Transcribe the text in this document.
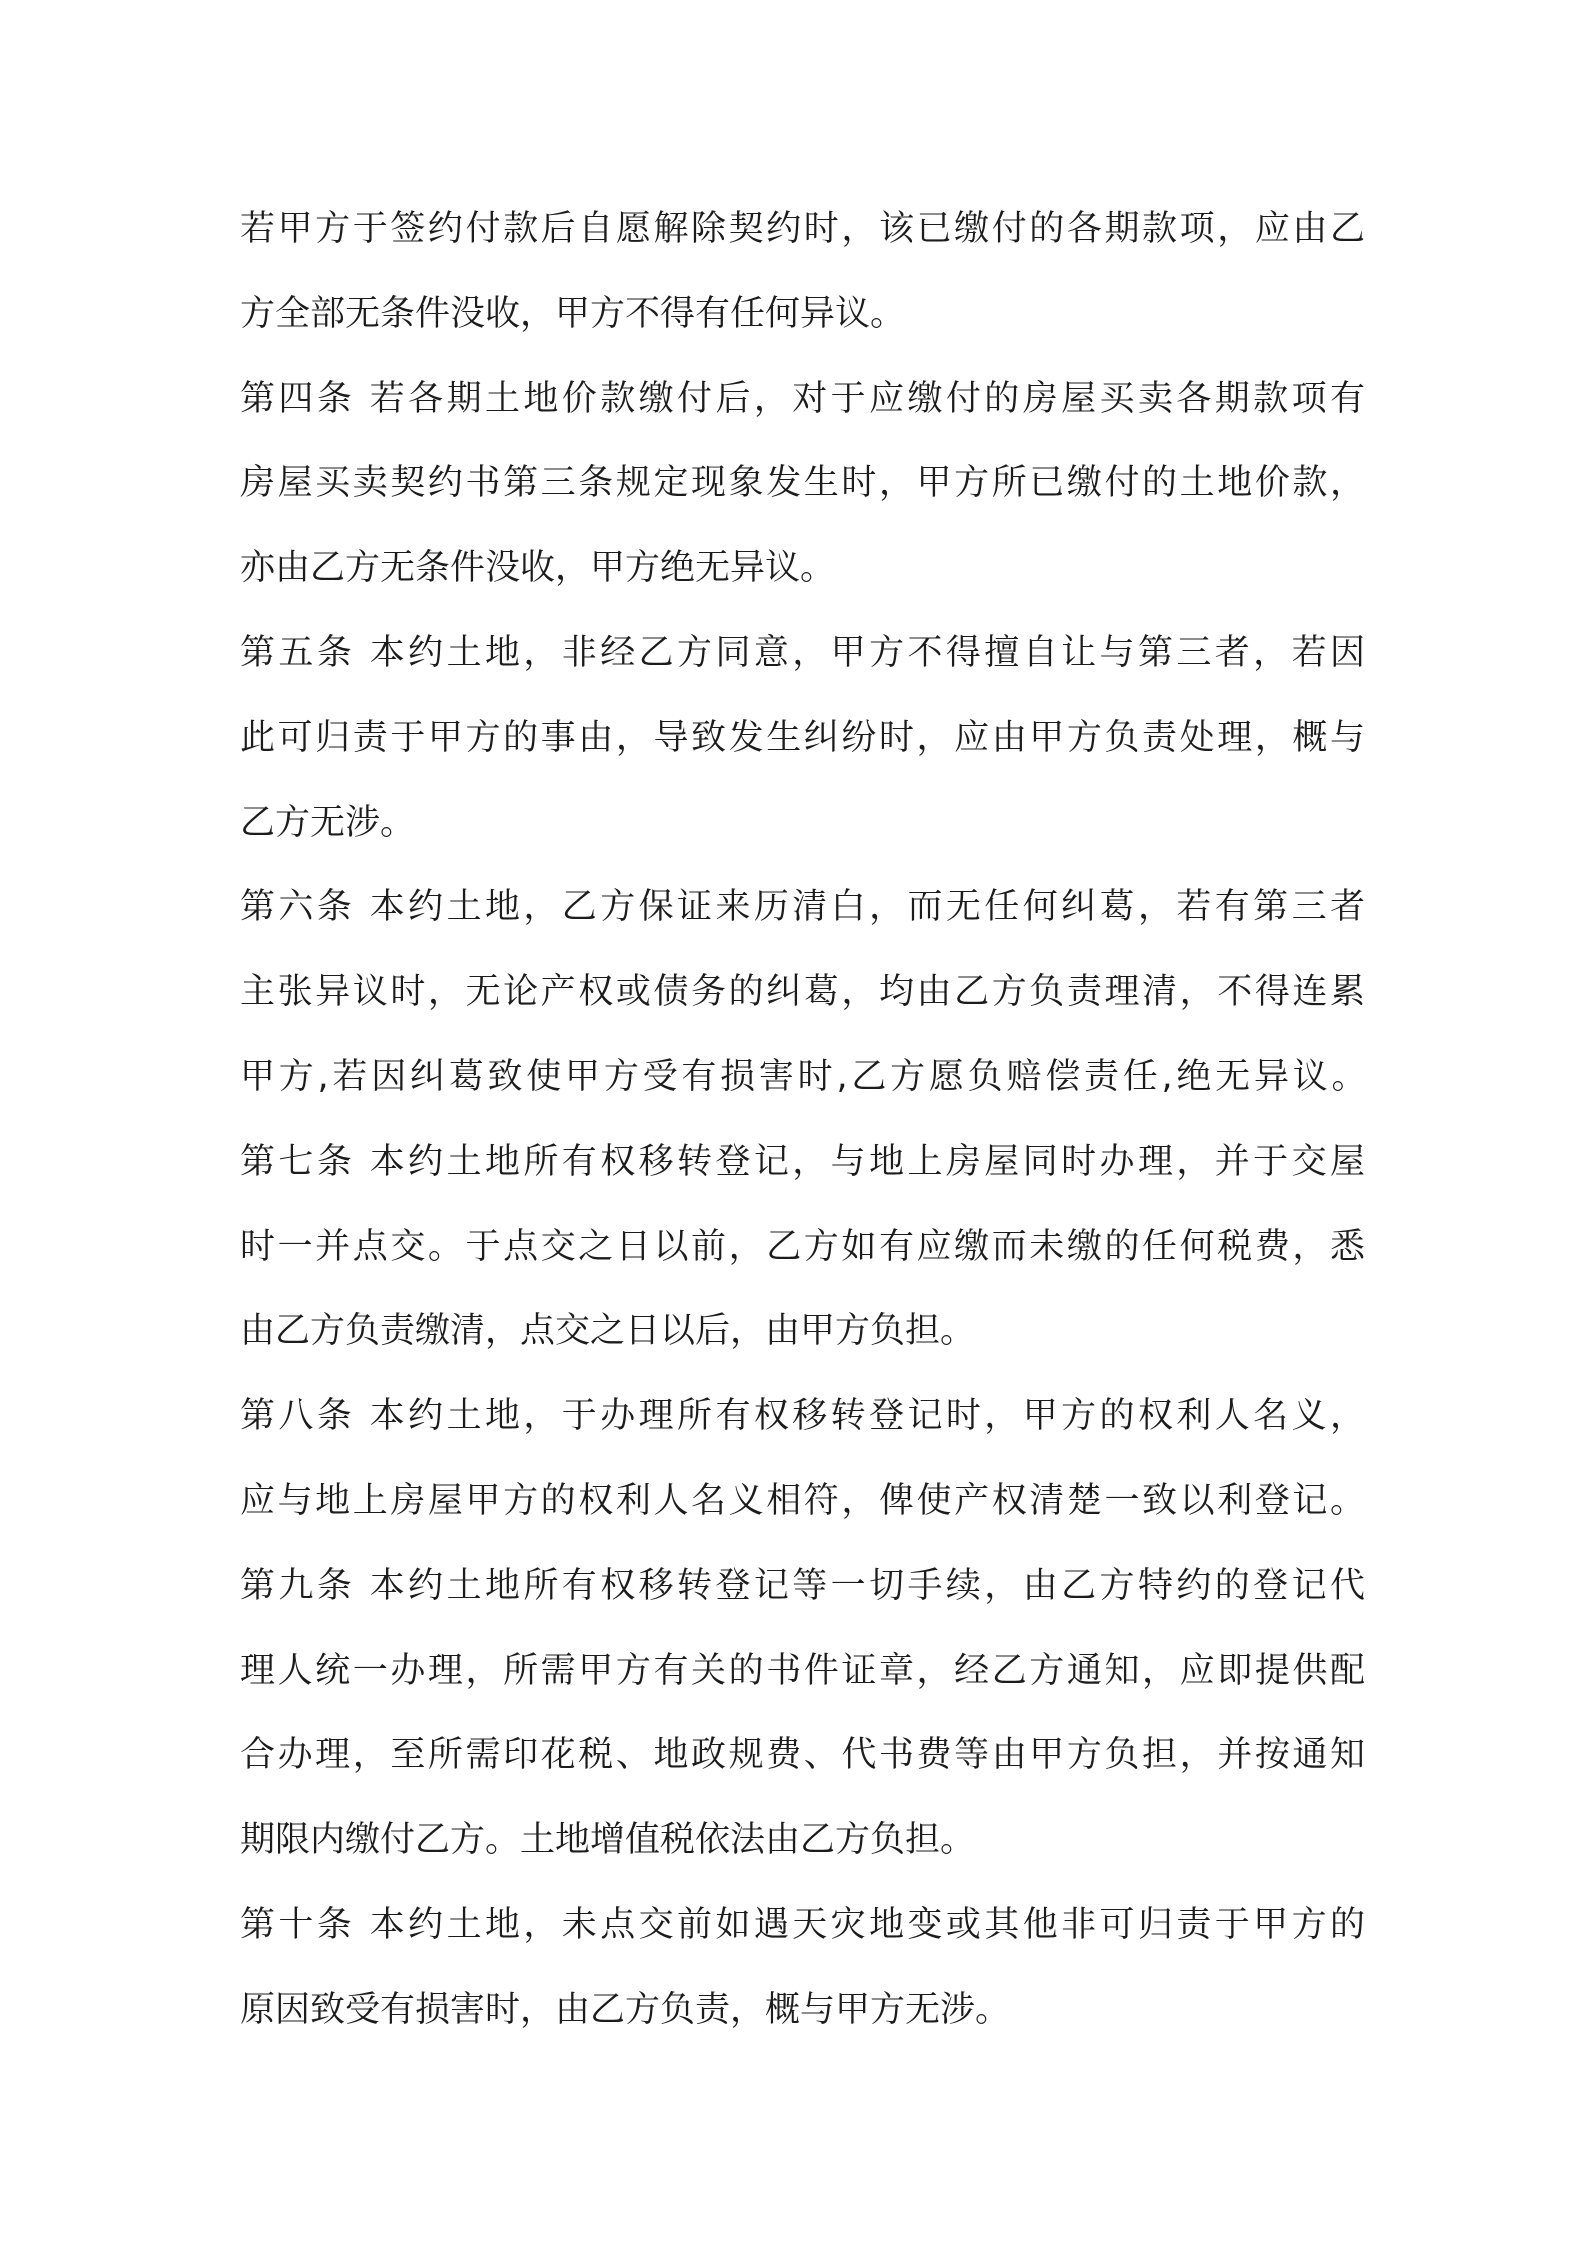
若甲方于签约付款后自愿解除契约时，该已缴付的各期款项，应由乙
方全部无条件没收，甲方不得有任何异议。
第四条 若各期土地价款缴付后，对于应缴付的房屋买卖各期款项有
房屋买卖契约书第三条规定现象发生时，甲方所已缴付的土地价款，
亦由乙方无条件没收，甲方绝无异议。
第五条 本约土地，非经乙方同意，甲方不得擅自让与第三者，若因
此可归责于甲方的事由，导致发生纠纷时，应由甲方负责处理，概与
乙方无涉。
第六条 本约土地，乙方保证来历清白，而无任何纠葛，若有第三者
主张异议时，无论产权或债务的纠葛，均由乙方负责理清，不得连累
甲方,若因纠葛致使甲方受有损害时,乙方愿负赔偿责任,绝无异议。
第七条 本约土地所有权移转登记，与地上房屋同时办理，并于交屋
时一并点交。于点交之日以前，乙方如有应缴而未缴的任何税费，悉
由乙方负责缴清，点交之日以后，由甲方负担。
第八条 本约土地，于办理所有权移转登记时，甲方的权利人名义，
应与地上房屋甲方的权利人名义相符，俾使产权清楚一致以利登记。
第九条 本约土地所有权移转登记等一切手续，由乙方特约的登记代
理人统一办理，所需甲方有关的书件证章，经乙方通知，应即提供配
合办理，至所需印花税、地政规费、代书费等由甲方负担，并按通知
期限内缴付乙方。土地增值税依法由乙方负担。
第十条 本约土地，未点交前如遇天灾地变或其他非可归责于甲方的
原因致受有损害时，由乙方负责，概与甲方无涉。
